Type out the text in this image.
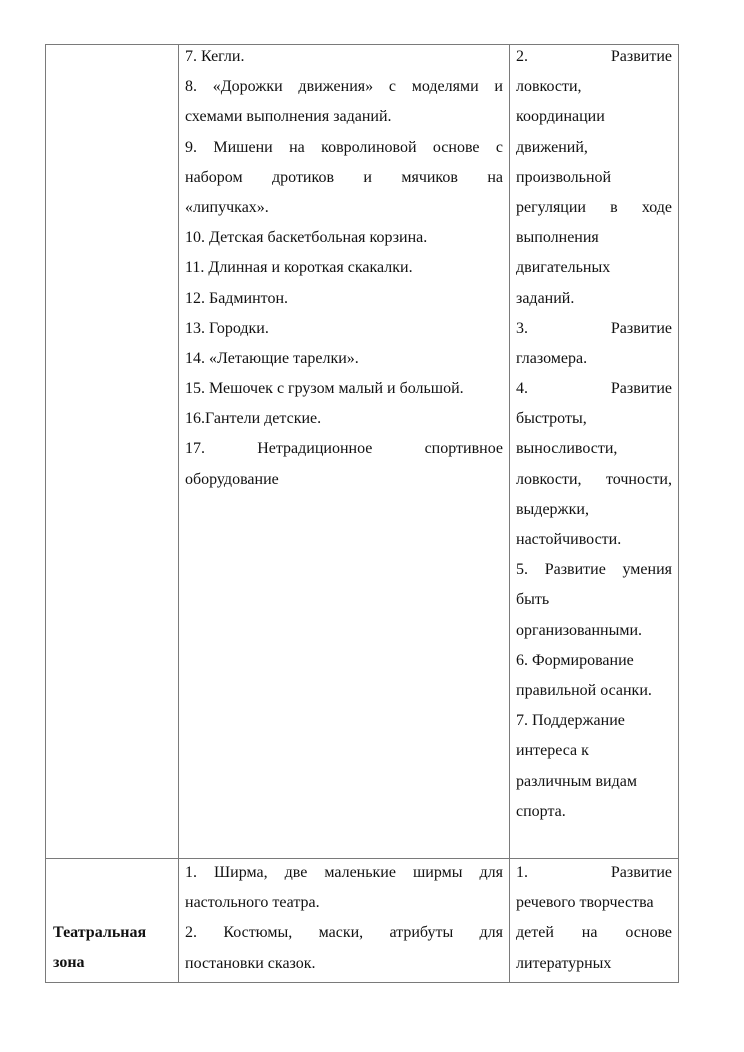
7. Кегли.
8. «Дорожки движения» с моделями и
схемами выполнения заданий.
9. Мишени на ковролиновой основе с
набором дротиков и мячиков на
«липучках».
10. Детская баскетбольная корзина.
11. Длинная и короткая скакалки.
12. Бадминтон.
13. Городки.
14. «Летающие тарелки».
15. Мешочек с грузом малый и большой.
16.Гантели детские.
17. Нетрадиционное спортивное
оборудование
2. Развитие
ловкости,
координации
движений,
произвольной
регуляции в ходе
выполнения
двигательных
заданий.
3. Развитие
глазомера.
4. Развитие
быстроты,
выносливости,
ловкости, точности,
выдержки,
настойчивости.
5. Развитие умения
быть
организованными.
6. Формирование
правильной осанки.
7. Поддержание
интереса к
различным видам
спорта.
Театральная
зона
1. Ширма, две маленькие ширмы для
настольного театра.
2. Костюмы, маски, атрибуты для
постановки сказок.
1. Развитие
речевого творчества
детей на основе
литературных
